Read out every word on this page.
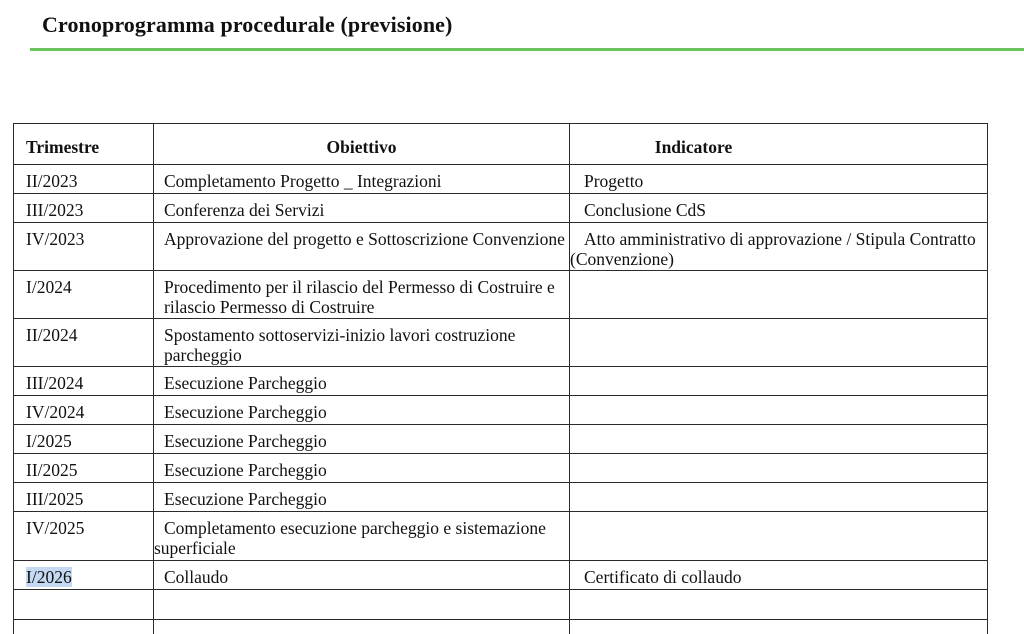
Cronoprogramma procedurale (previsione)
Trimestre	Obiettivo	Indicatore
II/2023	Completamento Progetto _ Integrazioni	Progetto
III/2023	Conferenza dei Servizi	Conclusione CdS
IV/2023	Approvazione del progetto e Sottoscrizione Convenzione	Atto amministrativo di approvazione / Stipula Contratto (Convenzione)
I/2024	Procedimento per il rilascio del Permesso di Costruire e rilascio Permesso di Costruire	
II/2024	Spostamento sottoservizi-inizio lavori costruzione parcheggio	
III/2024	Esecuzione Parcheggio	
IV/2024	Esecuzione Parcheggio	
I/2025	Esecuzione Parcheggio	
II/2025	Esecuzione Parcheggio	
III/2025	Esecuzione Parcheggio	
IV/2025	Completamento esecuzione parcheggio e sistemazione superficiale	
I/2026	Collaudo	Certificato di collaudo
